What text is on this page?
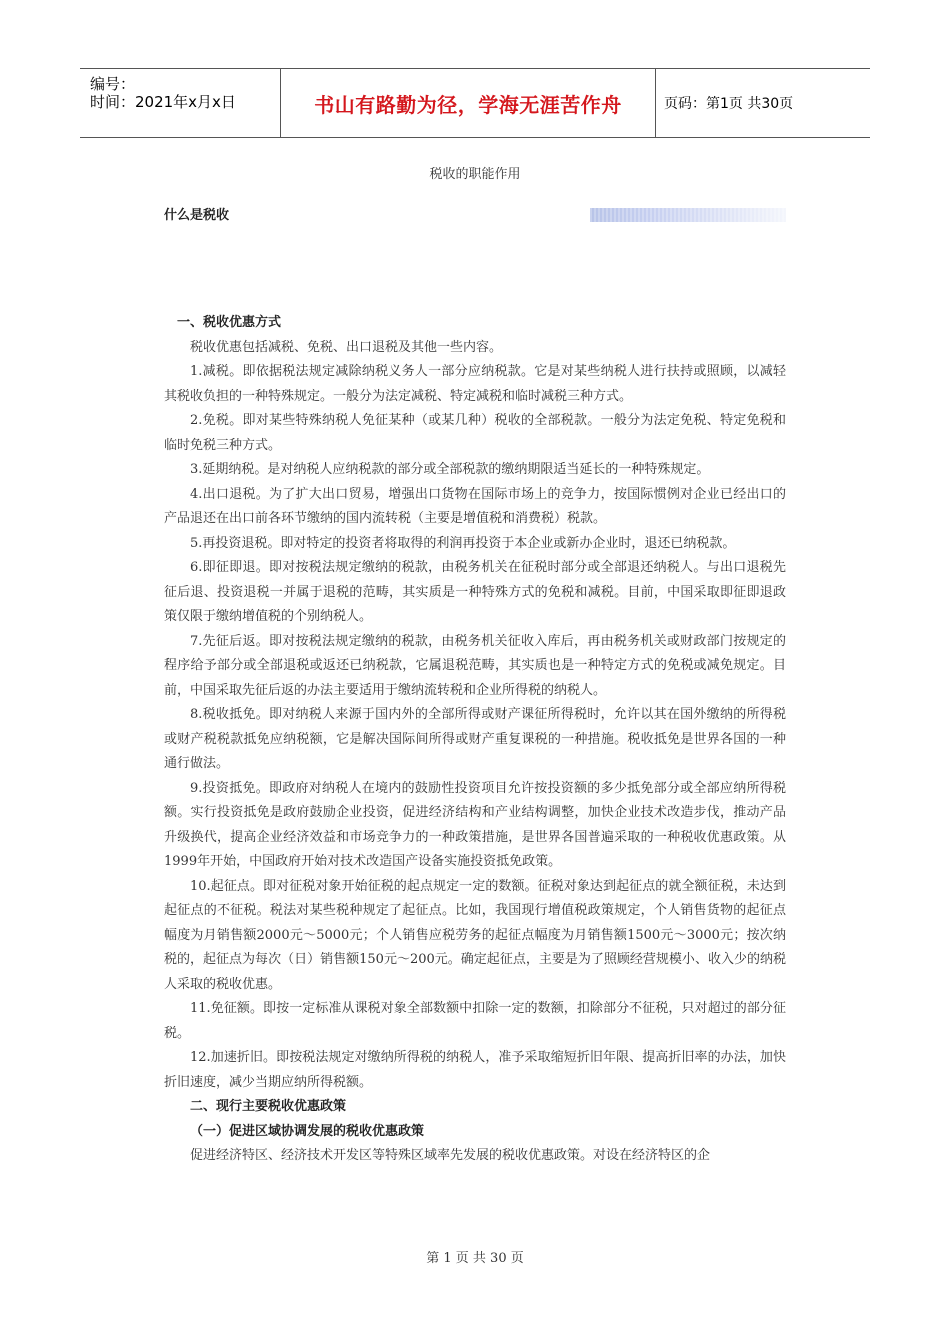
编号：
时间：2021年x月x日	书山有路勤为径，学海无涯苦作舟	页码：第1页 共30页
税收的职能作用
什么是税收

一、税收优惠方式

税收优惠包括减税、免税、出口退税及其他一些内容。

1.减税。即依据税法规定减除纳税义务人一部分应纳税款。它是对某些纳税人进行扶持或照顾，以减轻其税收负担的一种特殊规定。一般分为法定减税、特定减税和临时减税三种方式。

2.免税。即对某些特殊纳税人免征某种（或某几种）税收的全部税款。一般分为法定免税、特定免税和临时免税三种方式。

3.延期纳税。是对纳税人应纳税款的部分或全部税款的缴纳期限适当延长的一种特殊规定。

4.出口退税。为了扩大出口贸易，增强出口货物在国际市场上的竞争力，按国际惯例对企业已经出口的产品退还在出口前各环节缴纳的国内流转税（主要是增值税和消费税）税款。

5.再投资退税。即对特定的投资者将取得的利润再投资于本企业或新办企业时，退还已纳税款。

6.即征即退。即对按税法规定缴纳的税款，由税务机关在征税时部分或全部退还纳税人。与出口退税先征后退、投资退税一并属于退税的范畴，其实质是一种特殊方式的免税和减税。目前，中国采取即征即退政策仅限于缴纳增值税的个别纳税人。

7.先征后返。即对按税法规定缴纳的税款，由税务机关征收入库后，再由税务机关或财政部门按规定的程序给予部分或全部退税或返还已纳税款，它属退税范畴，其实质也是一种特定方式的免税或减免规定。目前，中国采取先征后返的办法主要适用于缴纳流转税和企业所得税的纳税人。

8.税收抵免。即对纳税人来源于国内外的全部所得或财产课征所得税时，允许以其在国外缴纳的所得税或财产税税款抵免应纳税额，它是解决国际间所得或财产重复课税的一种措施。税收抵免是世界各国的一种通行做法。

9.投资抵免。即政府对纳税人在境内的鼓励性投资项目允许按投资额的多少抵免部分或全部应纳所得税额。实行投资抵免是政府鼓励企业投资，促进经济结构和产业结构调整，加快企业技术改造步伐，推动产品升级换代，提高企业经济效益和市场竞争力的一种政策措施，是世界各国普遍采取的一种税收优惠政策。从1999年开始，中国政府开始对技术改造国产设备实施投资抵免政策。

10.起征点。即对征税对象开始征税的起点规定一定的数额。征税对象达到起征点的就全额征税，未达到起征点的不征税。税法对某些税种规定了起征点。比如，我国现行增值税政策规定，个人销售货物的起征点幅度为月销售额2000元～5000元；个人销售应税劳务的起征点幅度为月销售额1500元～3000元；按次纳税的，起征点为每次（日）销售额150元～200元。确定起征点，主要是为了照顾经营规模小、收入少的纳税人采取的税收优惠。

11.免征额。即按一定标准从课税对象全部数额中扣除一定的数额，扣除部分不征税，只对超过的部分征税。

12.加速折旧。即按税法规定对缴纳所得税的纳税人，准予采取缩短折旧年限、提高折旧率的办法，加快折旧速度，减少当期应纳所得税额。

二、现行主要税收优惠政策

（一）促进区域协调发展的税收优惠政策

促进经济特区、经济技术开发区等特殊区域率先发展的税收优惠政策。对设在经济特区的企

第 1 页 共 30 页
